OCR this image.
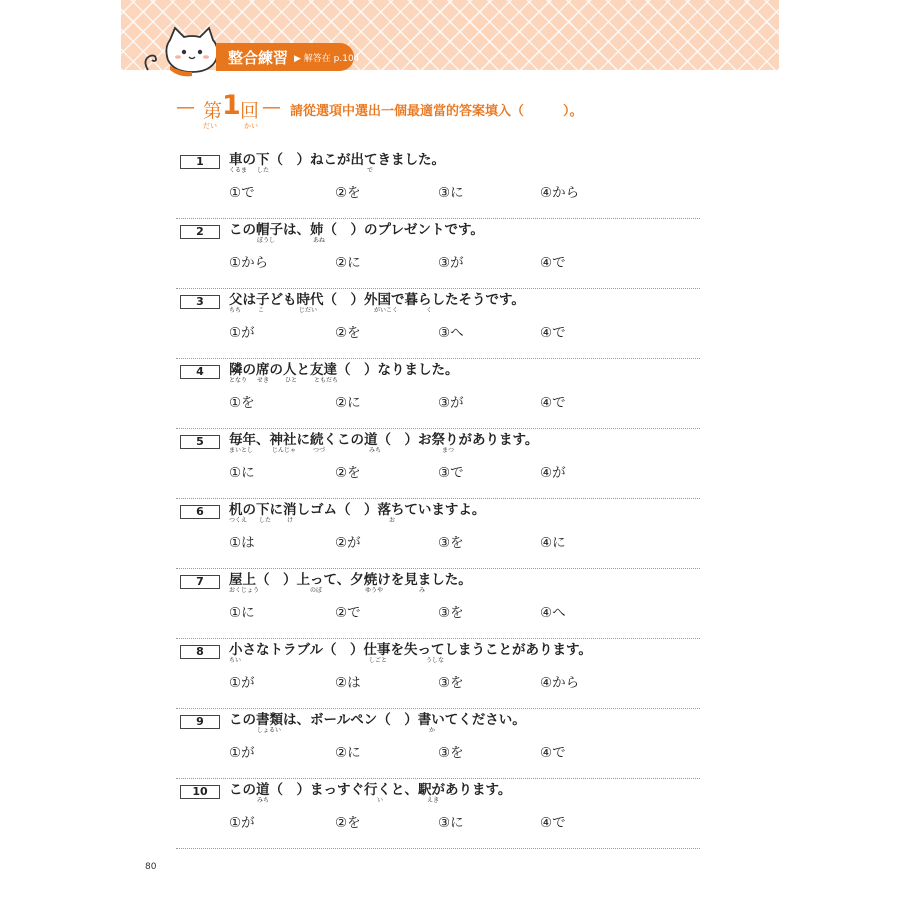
整合練習 ▶ 解答在 p.104
— 第 1 回 —
だい	かい
請從選項中選出一個最適當的答案填入（　　　）。
1	車の下（　）ねこが出てきました。
くるま した	で
①で	②を	③に	④から
2	この帽子は、姉（　）のプレゼントです。
ぼうし	あね
①から	②に	③が	④で
3	父は子ども時代（　）外国で暮らしたそうです。
ちち	こ	じだい	がいこく	く
①が	②を	③へ	④で
4	隣の席の人と友達（　）なりました。
となり せき	ひと	ともだち
①を	②に	③が	④で
5	毎年、神社に続くこの道（　）お祭りがあります。
まいとし	じんじゃ	つづ	みち	まつ
①に	②を	③で	④が
6	机の下に消しゴム（　）落ちていますよ。
つくえ した	け	お
①は	②が	③を	④に
7	屋上（　）上って、夕焼けを見ました。
おくじょう	のぼ	ゆうや	み
①に	②で	③を	④へ
8	小さなトラブル（　）仕事を失ってしまうことがあります。
ちい	しごと	うしな
①が	②は	③を	④から
9	この書類は、ボールペン（　）書いてください。
しょるい	か
①が	②に	③を	④で
10	この道（　）まっすぐ行くと、駅があります。
みち	い	えき
①が	②を	③に	④で
80
